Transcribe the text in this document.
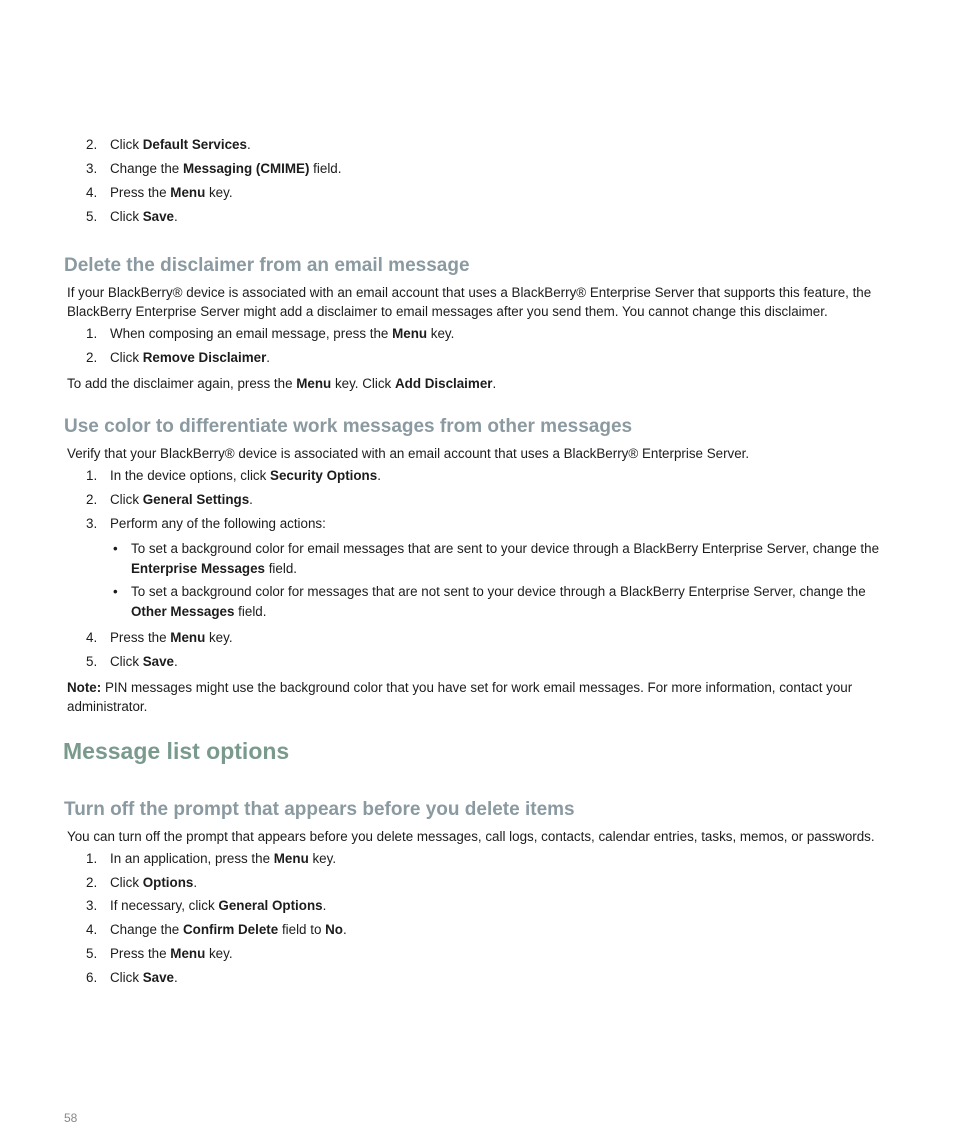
2. Click Default Services.

3. Change the Messaging (CMIME) field.

4. Press the Menu key.

5. Click Save.

Delete the disclaimer from an email message

If your BlackBerry® device is associated with an email account that uses a BlackBerry® Enterprise Server that supports this feature, the

BlackBerry Enterprise Server might add a disclaimer to email messages after you send them. You cannot change this disclaimer.

1. When composing an email message, press the Menu key.

2. Click Remove Disclaimer.

To add the disclaimer again, press the Menu key. Click Add Disclaimer.

Use color to differentiate work messages from other messages

Verify that your BlackBerry® device is associated with an email account that uses a BlackBerry® Enterprise Server.

1. In the device options, click Security Options.

2. Click General Settings.

3. Perform any of the following actions:

• To set a background color for email messages that are sent to your device through a BlackBerry Enterprise Server, change the
Enterprise Messages field.
• To set a background color for messages that are not sent to your device through a BlackBerry Enterprise Server, change the
Other Messages field.

4. Press the Menu key.

5. Click Save.

Note: PIN messages might use the background color that you have set for work email messages. For more information, contact your
administrator.

Message list options
Turn off the prompt that appears before you delete items

You can turn off the prompt that appears before you delete messages, call logs, contacts, calendar entries, tasks, memos, or passwords.

1. In an application, press the Menu key.

2. Click Options.

3. If necessary, click General Options.

4. Change the Confirm Delete field to No.

5. Press the Menu key.

6. Click Save.

58
